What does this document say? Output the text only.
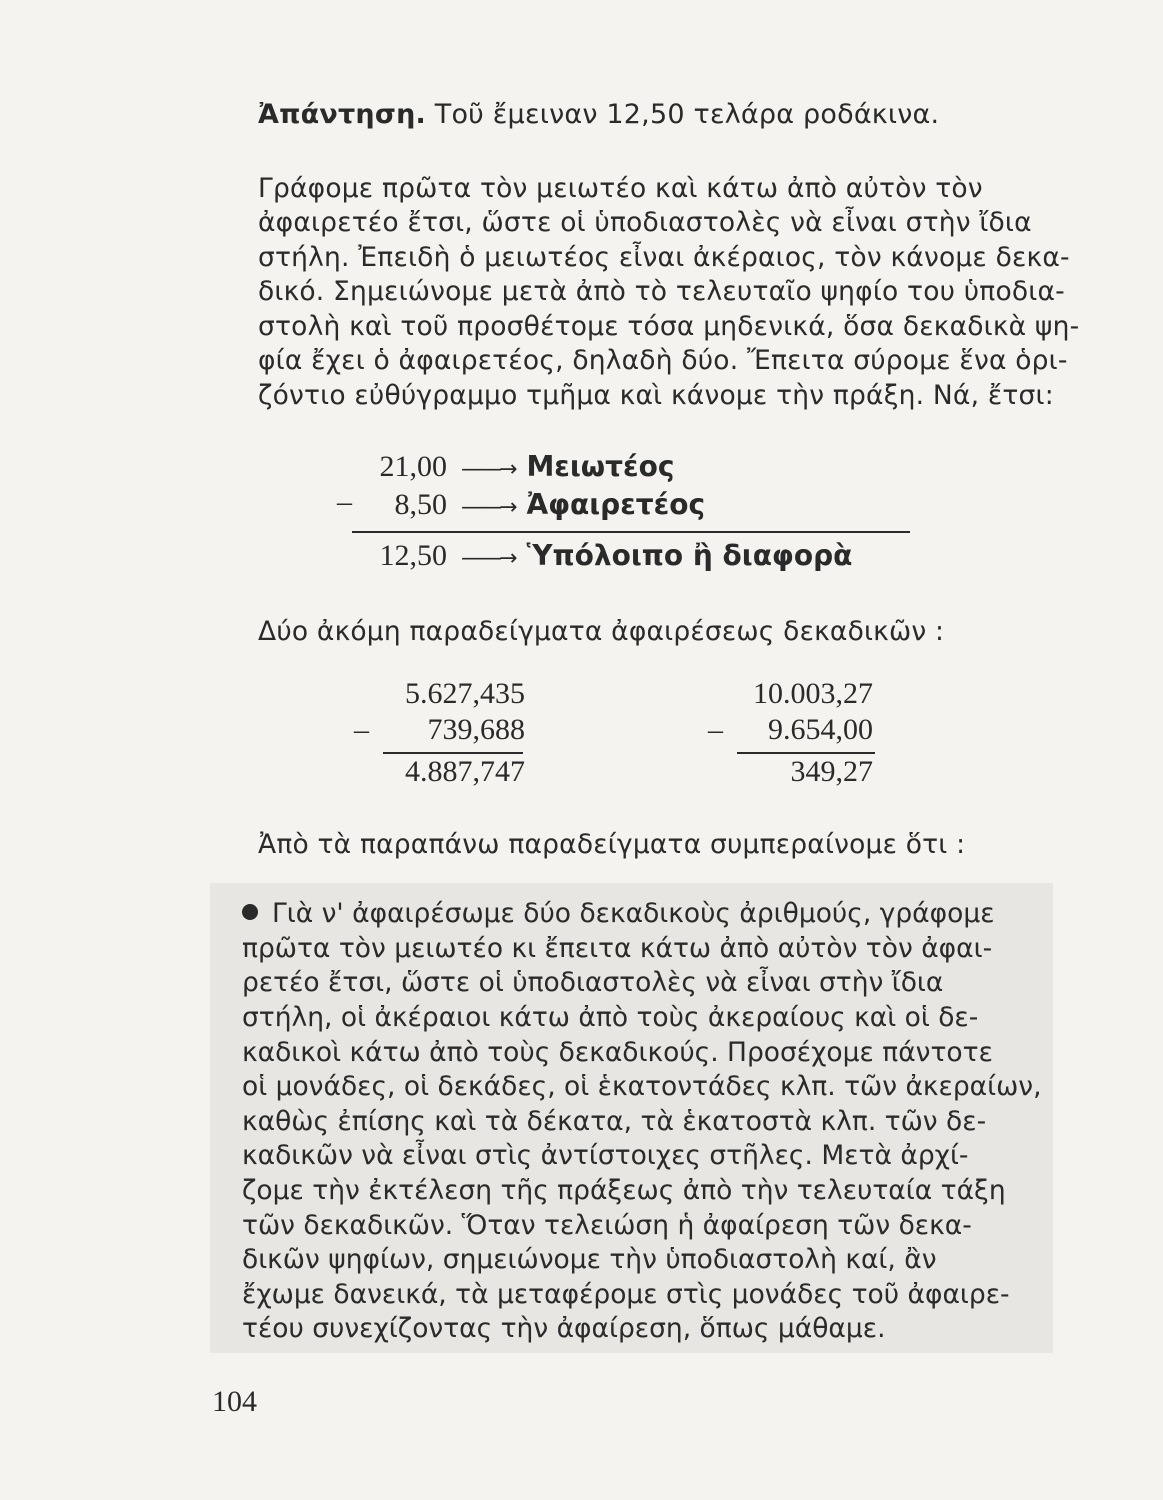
Ἀπάντηση. Τοῦ ἔμειναν 12,50 τελάρα ροδάκινα.
Γράφομε πρῶτα τὸν μειωτέο καὶ κάτω ἀπὸ αὐτὸν τὸν
ἀφαιρετέο ἔτσι, ὥστε οἱ ὑποδιαστολὲς νὰ εἶναι στὴν ἴδια
στήλη. Ἐπειδὴ ὁ μειωτέος εἶναι ἀκέραιος, τὸν κάνομε δεκα-
δικό. Σημειώνομε μετὰ ἀπὸ τὸ τελευταῖο ψηφίο του ὑποδια-
στολὴ καὶ τοῦ προσθέτομε τόσα μηδενικά, ὅσα δεκαδικὰ ψη-
φία ἔχει ὁ ἀφαιρετέος, δηλαδὴ δύο. Ἔπειτα σύρομε ἕνα ὁρι-
ζόντιο εὐθύγραμμο τμῆμα καὶ κάνομε τὴν πράξη. Νά, ἔτσι:
21,00 ——→ Μειωτέος
–	8,50 ——→ Ἀφαιρετέος
12,50 ——→ Ὑπόλοιπο ἢ διαφορὰ
Δύο ἀκόμη παραδείγματα ἀφαιρέσεως δεκαδικῶν :
5.627,435
–	739,688
4.887,747
10.003,27
–	9.654,00
349,27
Ἀπὸ τὰ παραπάνω παραδείγματα συμπεραίνομε ὅτι :
Γιὰ ν' ἀφαιρέσωμε δύο δεκαδικοὺς ἀριθμούς, γράφομε
πρῶτα τὸν μειωτέο κι ἔπειτα κάτω ἀπὸ αὐτὸν τὸν ἀφαι-
ρετέο ἔτσι, ὥστε οἱ ὑποδιαστολὲς νὰ εἶναι στὴν ἴδια
στήλη, οἱ ἀκέραιοι κάτω ἀπὸ τοὺς ἀκεραίους καὶ οἱ δε-
καδικοὶ κάτω ἀπὸ τοὺς δεκαδικούς. Προσέχομε πάντοτε
οἱ μονάδες, οἱ δεκάδες, οἱ ἑκατοντάδες κλπ. τῶν ἀκεραίων,
καθὼς ἐπίσης καὶ τὰ δέκατα, τὰ ἑκατοστὰ κλπ. τῶν δε-
καδικῶν νὰ εἶναι στὶς ἀντίστοιχες στῆλες. Μετὰ ἀρχί-
ζομε τὴν ἐκτέλεση τῆς πράξεως ἀπὸ τὴν τελευταία τάξη
τῶν δεκαδικῶν. Ὅταν τελειώση ἡ ἀφαίρεση τῶν δεκα-
δικῶν ψηφίων, σημειώνομε τὴν ὑποδιαστολὴ καί, ἂν
ἔχωμε δανεικά, τὰ μεταφέρομε στὶς μονάδες τοῦ ἀφαιρε-
τέου συνεχίζοντας τὴν ἀφαίρεση, ὅπως μάθαμε.
104
